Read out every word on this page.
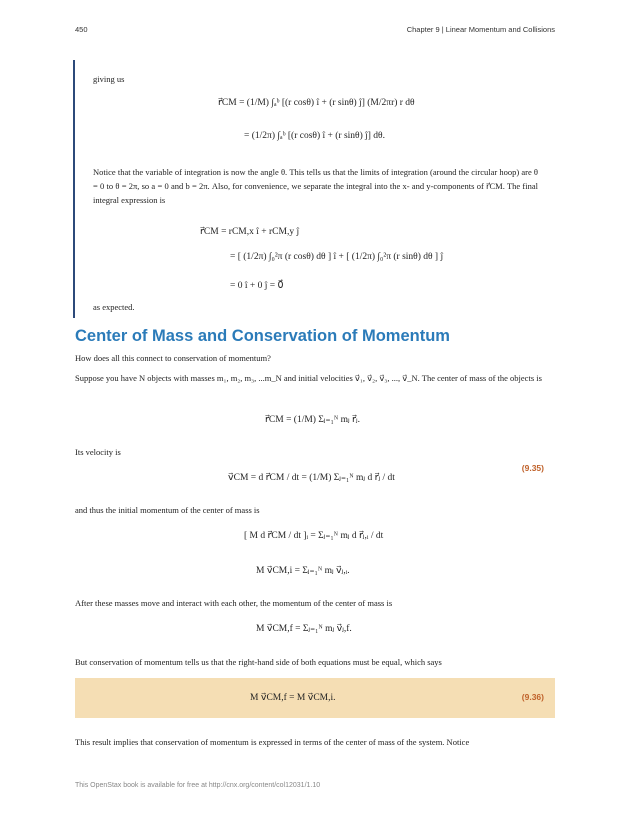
450	Chapter 9 | Linear Momentum and Collisions
giving us
r⃗CM = (1/M) ∫ₐᵇ [(r cosθ) î + (r sinθ) ĵ] (M/2πr) r dθ
= (1/2π) ∫ₐᵇ [(r cosθ) î + (r sinθ) ĵ] dθ.
Notice that the variable of integration is now the angle θ. This tells us that the limits of integration (around the circular hoop) are θ = 0 to θ = 2π, so a = 0 and b = 2π. Also, for convenience, we separate the integral into the x- and y-components of r⃗CM. The final integral expression is
r⃗CM = rCM,x î + rCM,y ĵ
= [ (1/2π) ∫₀²π (r cosθ) dθ ] î + [ (1/2π) ∫₀²π (r sinθ) dθ ] ĵ
= 0 î + 0 ĵ = 0⃗
as expected.
Center of Mass and Conservation of Momentum
How does all this connect to conservation of momentum?
Suppose you have N objects with masses m₁, m₂, m₃, ...m_N and initial velocities v⃗₁, v⃗₂, v⃗₃, ..., v⃗_N. The center of mass of the objects is
r⃗CM = (1/M) Σⱼ₌₁ᴺ mⱼ r⃗ⱼ.
Its velocity is
v⃗CM = d r⃗CM / dt = (1/M) Σⱼ₌₁ᴺ mⱼ d r⃗ⱼ / dt
(9.35)
and thus the initial momentum of the center of mass is
[ M d r⃗CM / dt ]ᵢ = Σⱼ₌₁ᴺ mⱼ d r⃗ⱼ,ᵢ / dt
M v⃗CM,i = Σⱼ₌₁ᴺ mⱼ v⃗ⱼ,ᵢ.
After these masses move and interact with each other, the momentum of the center of mass is
M v⃗CM,f = Σⱼ₌₁ᴺ mⱼ v⃗ⱼ,f.
But conservation of momentum tells us that the right-hand side of both equations must be equal, which says
M v⃗CM,f = M v⃗CM,i.	(9.36)
This result implies that conservation of momentum is expressed in terms of the center of mass of the system. Notice
This OpenStax book is available for free at http://cnx.org/content/col12031/1.10
